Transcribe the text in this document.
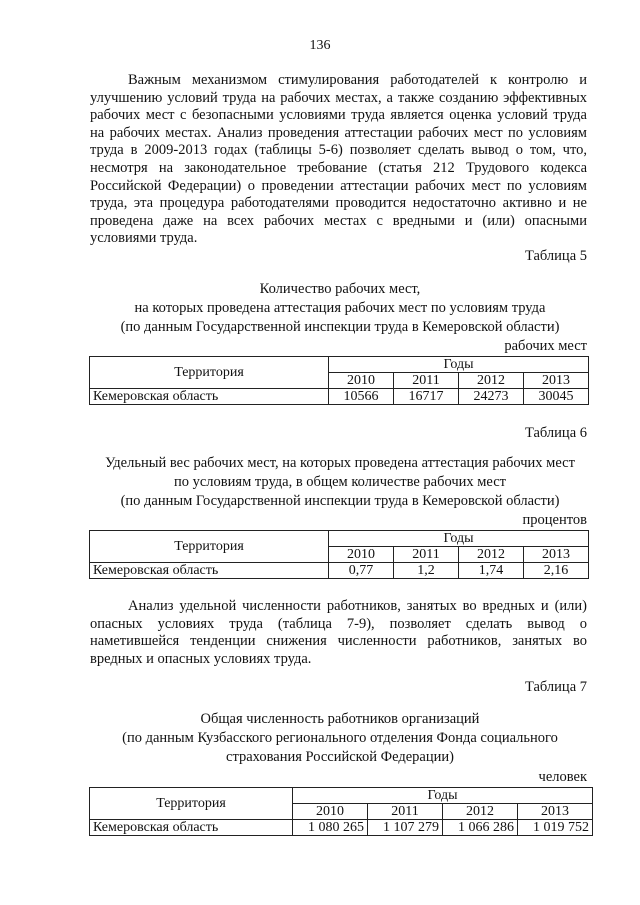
136

Важным механизмом стимулирования работодателей к контролю и улучшению условий труда на рабочих местах, а также созданию эффективных рабочих мест с безопасными условиями труда является оценка условий труда на рабочих местах. Анализ проведения аттестации рабочих мест по условиям труда в 2009-2013 годах (таблицы 5-6) позволяет сделать вывод о том, что, несмотря на законодательное требование (статья 212 Трудового кодекса Российской Федерации) о проведении аттестации рабочих мест по условиям труда, эта процедура работодателями проводится недостаточно активно и не проведена даже на всех рабочих местах с вредными и (или) опасными условиями труда.

Таблица 5
Количество рабочих мест,
на которых проведена аттестация рабочих мест по условиям труда
(по данным Государственной инспекции труда в Кемеровской области)
рабочих мест
Территория	Годы			
	2010	2011	2012	2013
Кемеровская область	10566	16717	24273	30045
Таблица 6
Удельный вес рабочих мест, на которых проведена аттестация рабочих мест
по условиям труда, в общем количестве рабочих мест
(по данным Государственной инспекции труда в Кемеровской области)
процентов
Территория	Годы			
	2010	2011	2012	2013
Кемеровская область	0,77	1,2	1,74	2,16

Анализ удельной численности работников, занятых во вредных и (или) опасных условиях труда (таблица 7-9), позволяет сделать вывод о наметившейся тенденции снижения численности работников, занятых во вредных и опасных условиях труда.

Таблица 7
Общая численность работников организаций
(по данным Кузбасского регионального отделения Фонда социального
страхования Российской Федерации)
человек
Территория	Годы			
	2010	2011	2012	2013
Кемеровская область	1 080 265	1 107 279	1 066 286	1 019 752
